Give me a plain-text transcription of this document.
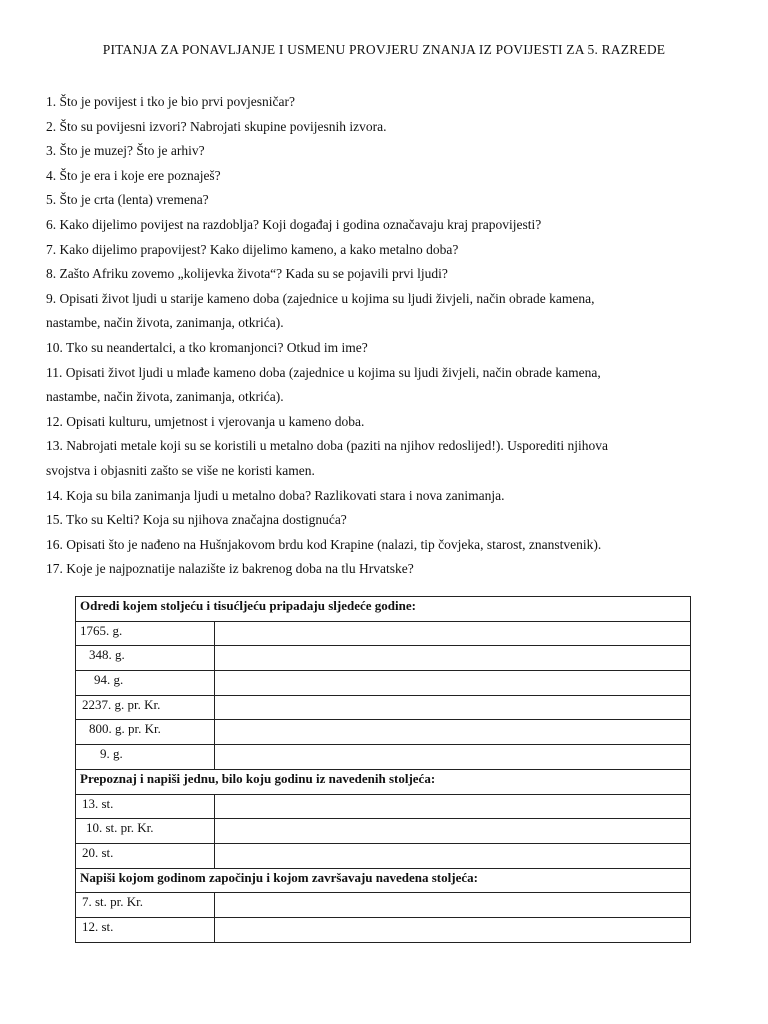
PITANJA ZA PONAVLJANJE I USMENU PROVJERU ZNANJA IZ POVIJESTI ZA 5. RAZREDE
1. Što je povijest i tko je bio prvi povjesničar?
2. Što su povijesni izvori? Nabrojati skupine povijesnih izvora.
3. Što je muzej? Što je arhiv?
4. Što je era i koje ere poznaješ?
5. Što je crta (lenta) vremena?
6. Kako dijelimo povijest na razdoblja? Koji događaj i godina označavaju kraj prapovijesti?
7. Kako dijelimo prapovijest? Kako dijelimo kameno, a kako metalno doba?
8. Zašto Afriku zovemo „kolijevka života“? Kada su se pojavili prvi ljudi?
9. Opisati život ljudi u starije kameno doba (zajednice u kojima su ljudi živjeli, način obrade kamena,
nastambe, način života, zanimanja, otkrića).
10. Tko su neandertalci, a tko kromanjonci? Otkud im ime?
11. Opisati život ljudi u mlađe kameno doba (zajednice u kojima su ljudi živjeli, način obrade kamena,
nastambe, način života, zanimanja, otkrića).
12. Opisati kulturu, umjetnost i vjerovanja u kameno doba.
13. Nabrojati metale koji su se koristili u metalno doba (paziti na njihov redoslijed!). Usporediti njihova
svojstva i objasniti zašto se više ne koristi kamen.
14. Koja su bila zanimanja ljudi u metalno doba? Razlikovati stara i nova zanimanja.
15. Tko su Kelti? Koja su njihova značajna dostignuća?
16. Opisati što je nađeno na Hušnjakovom brdu kod Krapine (nalazi, tip čovjeka, starost, znanstvenik).
17. Koje je najpoznatije nalazište iz bakrenog doba na tlu Hrvatske?
Odredi kojem stoljeću i tisućljeću pripadaju sljedeće godine:	
1765. g.	
348. g.	
94. g.	
2237. g. pr. Kr.	
800. g. pr. Kr.	
9. g.	
Prepoznaj i napiši jednu, bilo koju godinu iz navedenih stoljeća:	
13. st.	
10. st. pr. Kr.	
20. st.	
Napiši kojom godinom započinju i kojom završavaju navedena stoljeća:	
7. st. pr. Kr.	
12. st.	
